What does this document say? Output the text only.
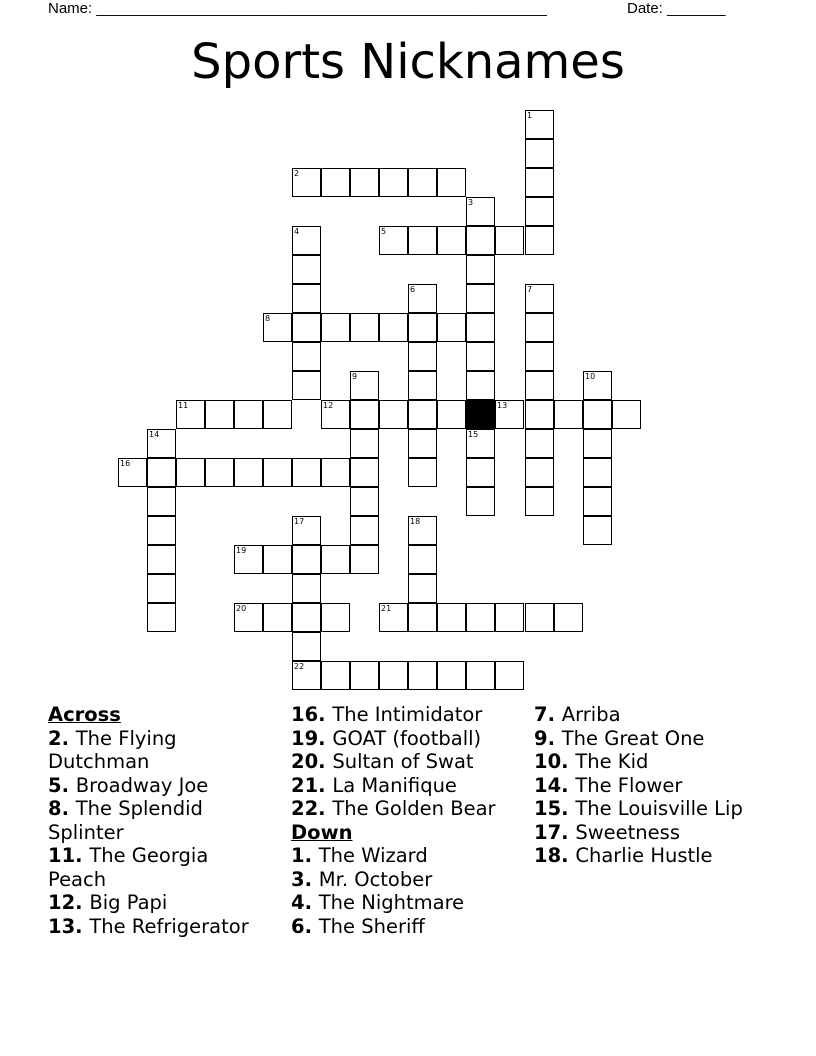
Name: ______________________________________________________	Date: _______
Sports Nicknames
1
2
5
3
4
8
6	7
11	12	13
9	10
14	15
16
17	18
19
20	21
22
Across
2. The Flying
Dutchman
5. Broadway Joe
8. The Splendid
Splinter
11. The Georgia
Peach
12. Big Papi
13. The Refrigerator
16. The Intimidator
19. GOAT (football)
20. Sultan of Swat
21. La Manifique
22. The Golden Bear
Down
1. The Wizard
3. Mr. October
4. The Nightmare
6. The Sheriff
7. Arriba
9. The Great One
10. The Kid
14. The Flower
15. The Louisville Lip
17. Sweetness
18. Charlie Hustle
